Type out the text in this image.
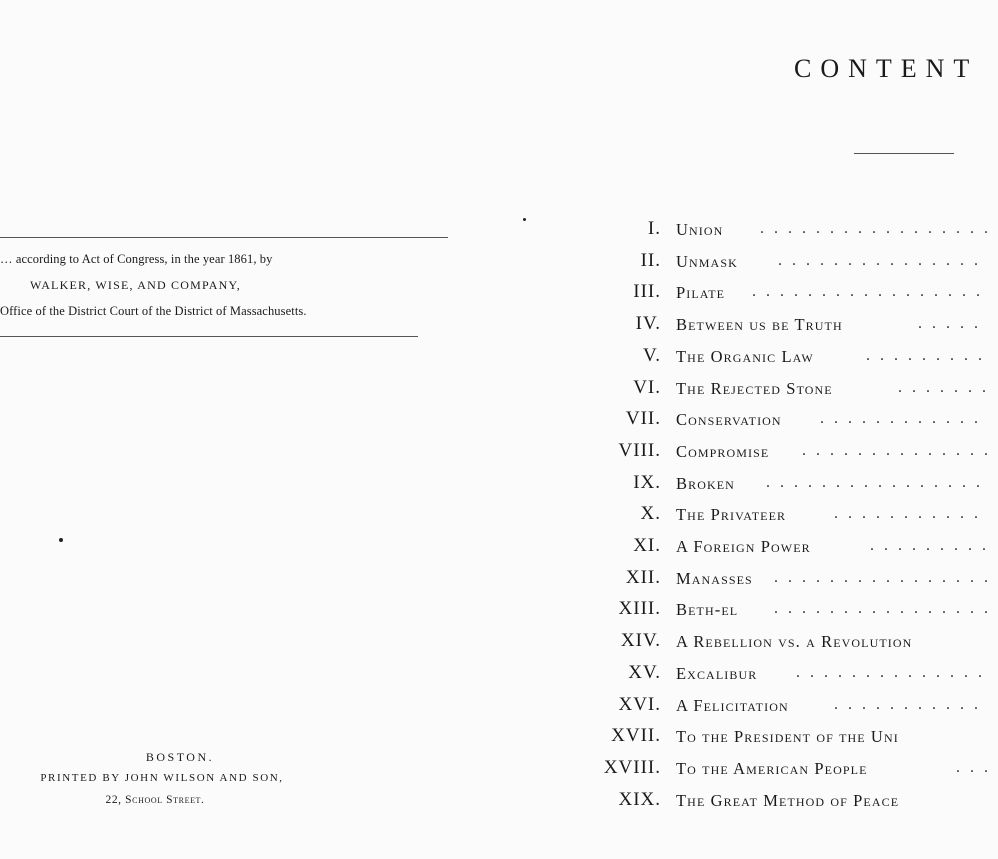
… according to Act of Congress, in the year 1861, by
WALKER, WISE, AND COMPANY,
Office of the District Court of the District of Massachusetts.
BOSTON.
PRINTED BY JOHN WILSON AND SON,
22, School Street.
CONTENT
I. Union .................
II. Unmask	...............
III. Pilate .................
IV. Between us be Truth	.....
V. The Organic Law	.........
VI. The Rejected Stone	.......
VII. Conservation ............
VIII. Compromise ..............
IX. Broken ................
X. The Privateer	...........
XI. A Foreign Power	.........
XII. Manasses ................
XIII. Beth-el ................
XIV. A Rebellion vs. a Revolution
XV. Excalibur ..............
XVI. A Felicitation	...........
XVII. To the President of the Uni
XVIII. To the American People	...
XIX. The Great Method of Peace
